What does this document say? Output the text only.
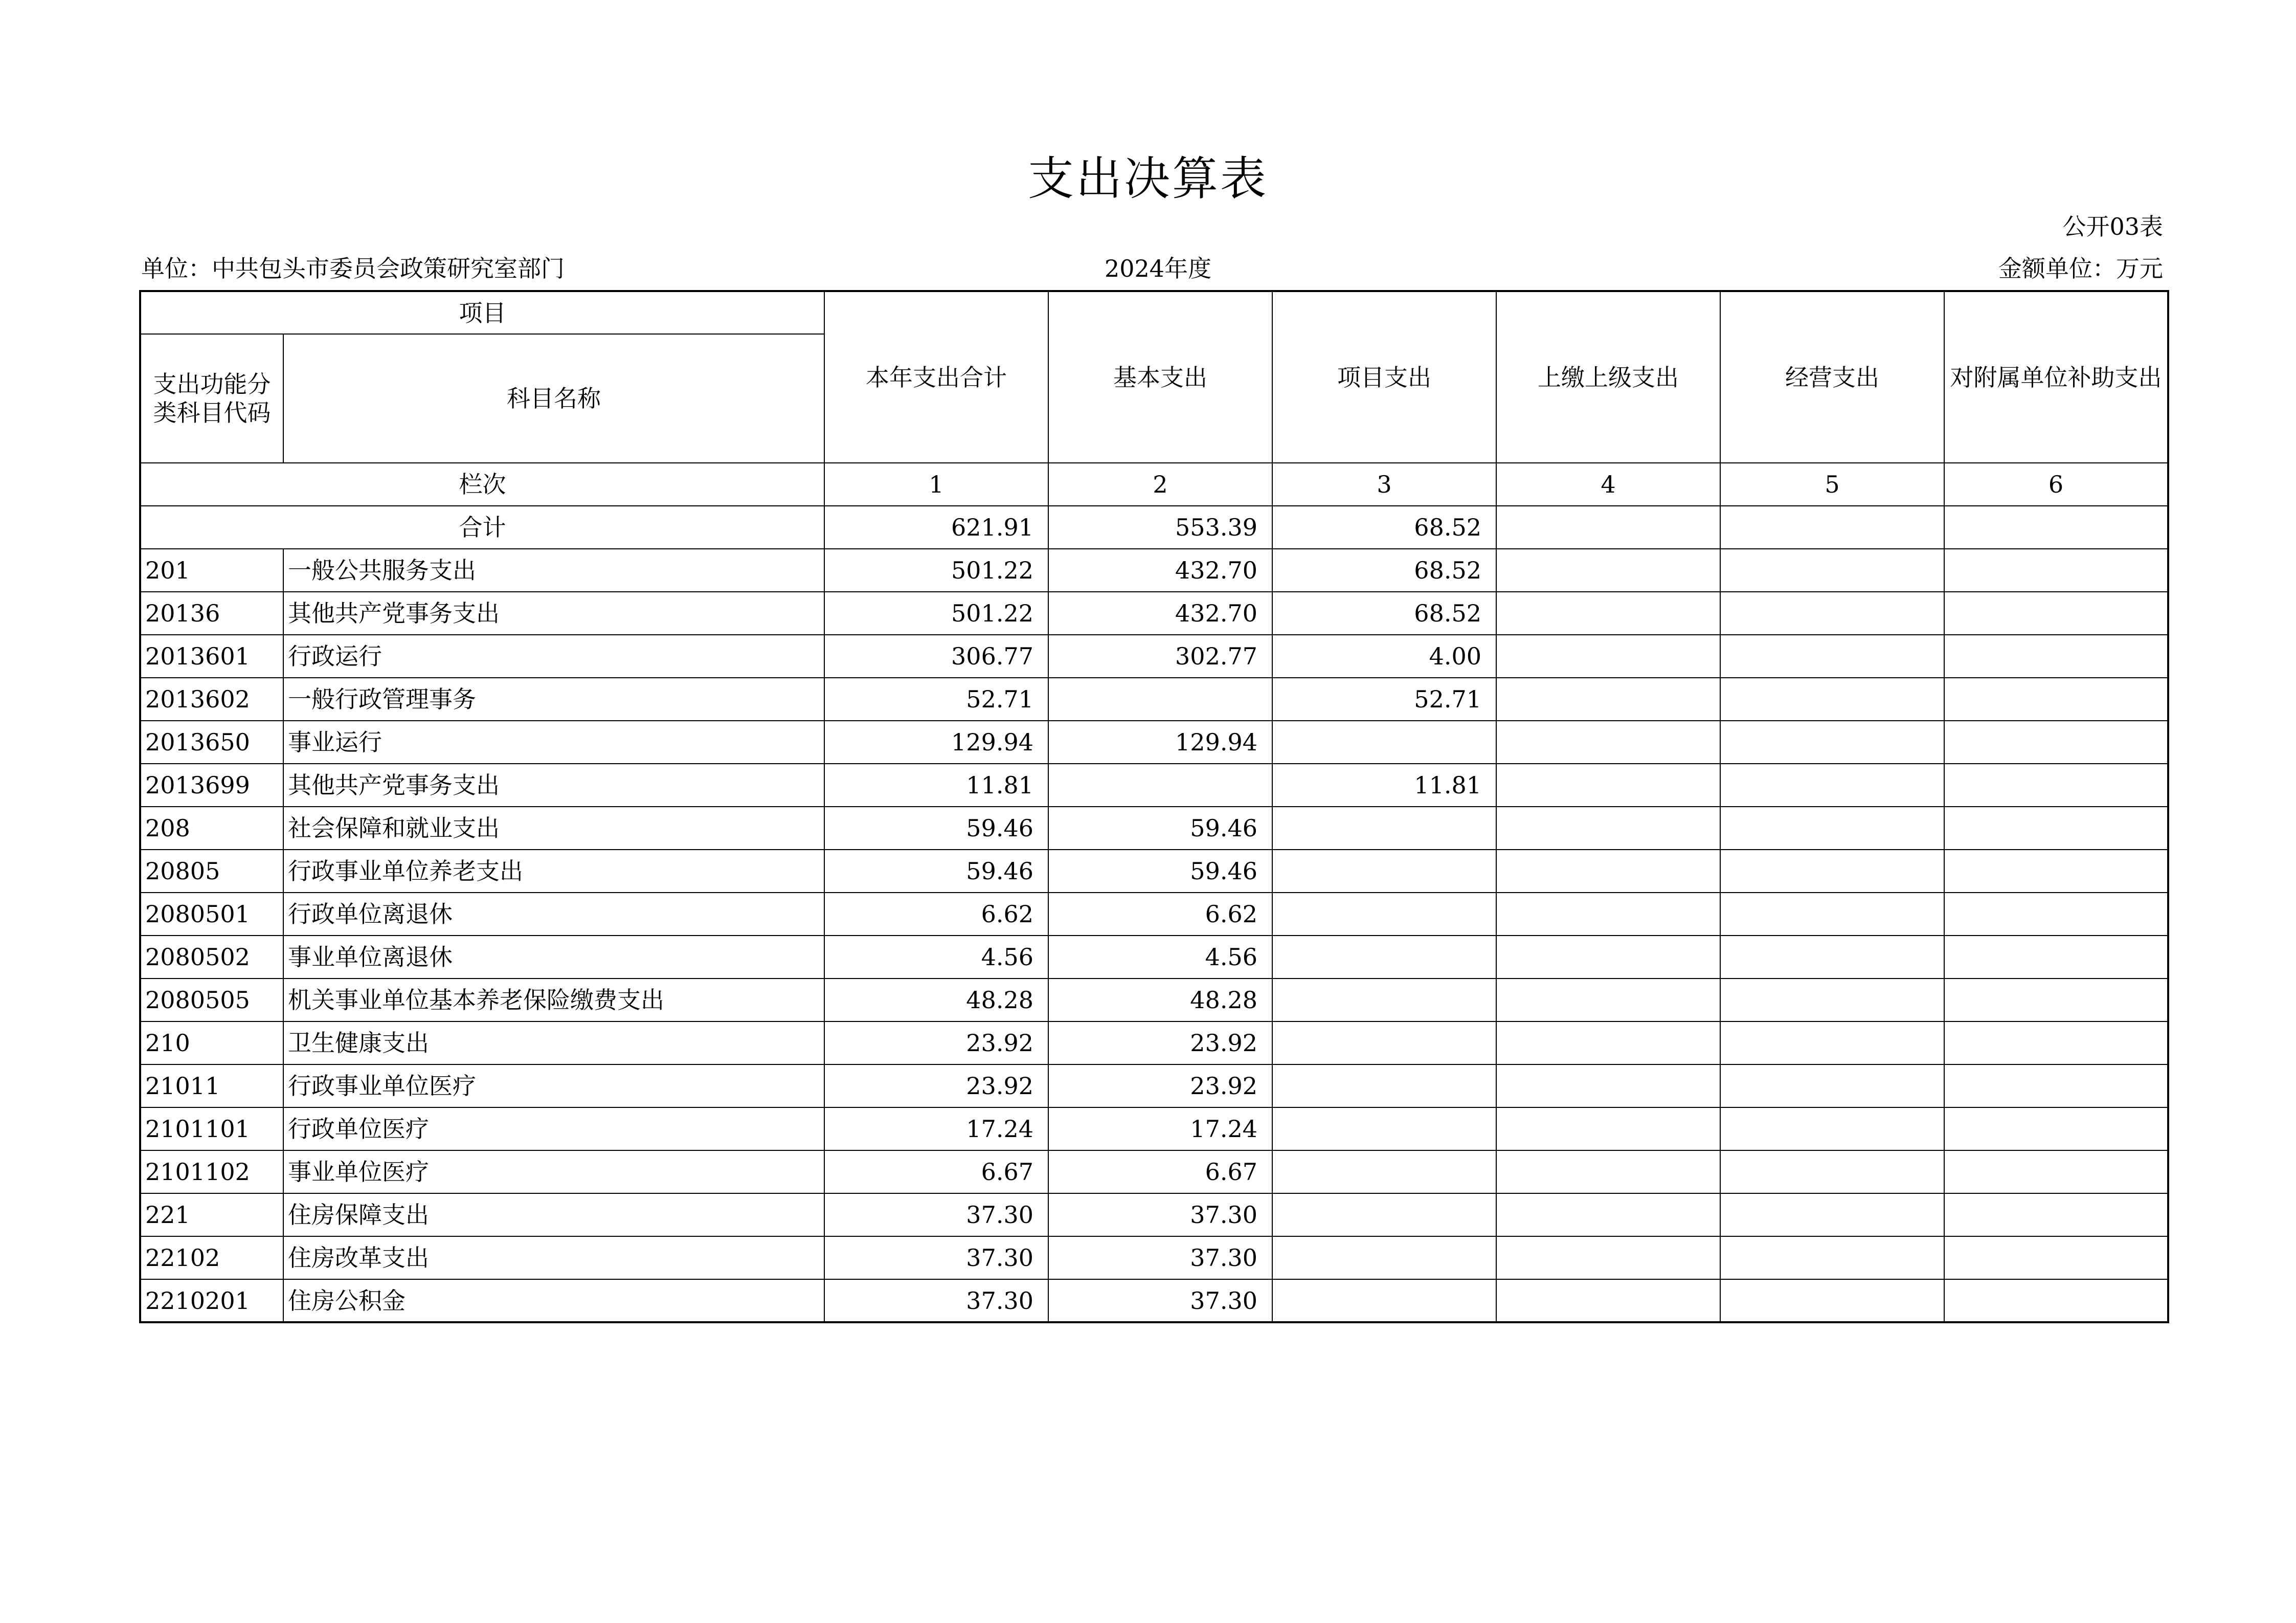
支出决算表
公开03表
单位：中共包头市委员会政策研究室部门	2024年度	金额单位：万元
项目		本年支出合计	基本支出	项目支出	上缴上级支出	经营支出	对附属单位补助支出
支出功能分类科目代码	科目名称						
栏次		1	2	3	4	5	6
合计		621.91	553.39	68.52			
201	一般公共服务支出	501.22	432.70	68.52			
20136	其他共产党事务支出	501.22	432.70	68.52			
2013601	行政运行	306.77	302.77	4.00			
2013602	一般行政管理事务	52.71		52.71			
2013650	事业运行	129.94	129.94				
2013699	其他共产党事务支出	11.81		11.81			
208	社会保障和就业支出	59.46	59.46				
20805	行政事业单位养老支出	59.46	59.46				
2080501	行政单位离退休	6.62	6.62				
2080502	事业单位离退休	4.56	4.56				
2080505	机关事业单位基本养老保险缴费支出	48.28	48.28				
210	卫生健康支出	23.92	23.92				
21011	行政事业单位医疗	23.92	23.92				
2101101	行政单位医疗	17.24	17.24				
2101102	事业单位医疗	6.67	6.67				
221	住房保障支出	37.30	37.30				
22102	住房改革支出	37.30	37.30				
2210201	住房公积金	37.30	37.30				
